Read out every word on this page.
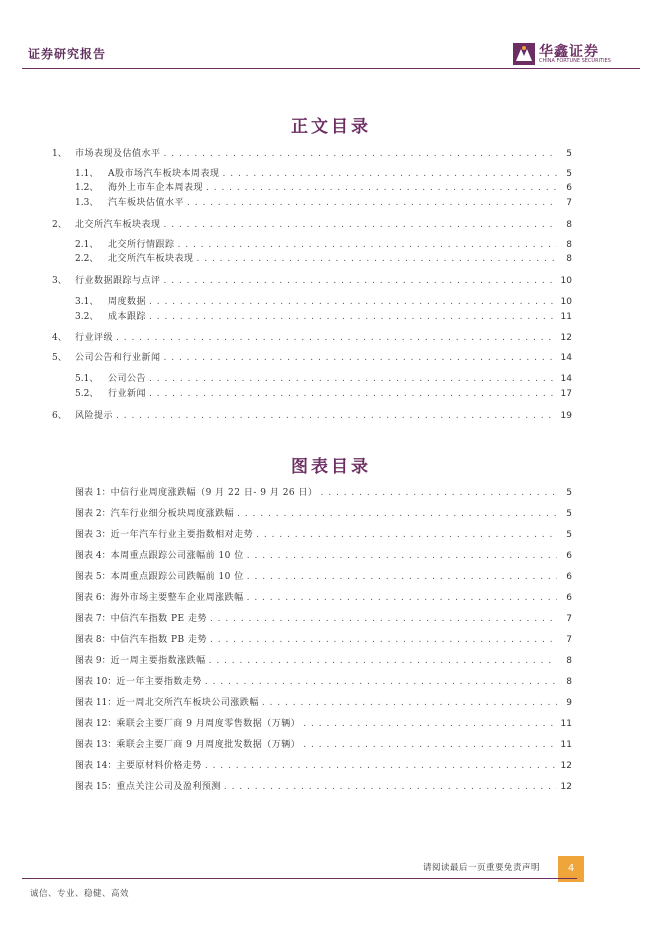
证券研究报告	华鑫证券
CHINA FORTUNE SECURITIES
正文目录
1、 市场表现及估值水平 . . .	5
1.1、	A股市场汽车板块本周表现 . . .	5
1.2、	海外上市车企本周表现 . . .	6
1.3、	汽车板块估值水平 . . .	7
2、 北交所汽车板块表现 . . .	8
2.1、	北交所行情跟踪 . . .	8
2.2、	北交所汽车板块表现 . . .	8
3、 行业数据跟踪与点评 . . .	10
3.1、	周度数据 . . .	10
3.2、	成本跟踪 . . .	11
4、 行业评级 . . .	12
5、 公司公告和行业新闻 . . .	14
5.1、	公司公告 . . .	14
5.2、	行业新闻 . . .	17
6、 风险提示 . . .	19
图表目录
图表 1： 中信行业周度涨跌幅（9 月 22 日- 9 月 26 日） . . .	5
图表 2： 汽车行业细分板块周度涨跌幅 . . .	5
图表 3： 近一年汽车行业主要指数相对走势 . . .	5
图表 4： 本周重点跟踪公司涨幅前 10 位 . . .	6
图表 5： 本周重点跟踪公司跌幅前 10 位 . . .	6
图表 6： 海外市场主要整车企业周涨跌幅 . . .	6
图表 7： 中信汽车指数 PE 走势 . . .	7
图表 8： 中信汽车指数 PB 走势 . . .	7
图表 9： 近一周主要指数涨跌幅 . . .	8
图表 10： 近一年主要指数走势 . . .	8
图表 11： 近一周北交所汽车板块公司涨跌幅 . . .	9
图表 12： 乘联会主要厂商 9 月周度零售数据（万辆） . . .	11
图表 13： 乘联会主要厂商 9 月周度批发数据（万辆） . . .	11
图表 14： 主要原材料价格走势 . . .	12
图表 15： 重点关注公司及盈利预测 . . .	12
请阅读最后一页重要免责声明	4
诚信、专业、稳健、高效
